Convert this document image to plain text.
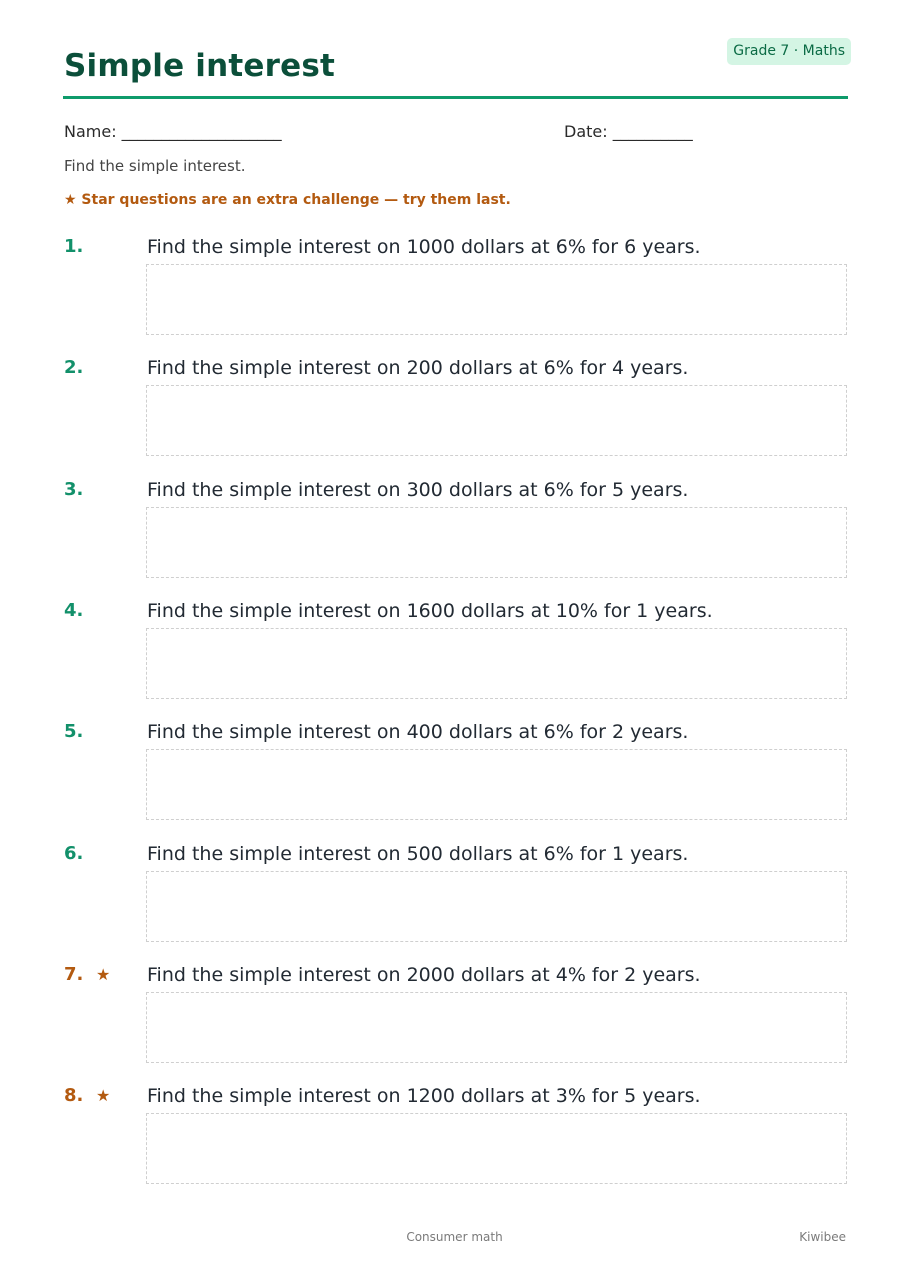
Simple interest	Grade 7 · Maths
Name: ____________________	Date: __________
Find the simple interest.
★ Star questions are an extra challenge — try them last.
1.	Find the simple interest on 1000 dollars at 6% for 6 years.
2.	Find the simple interest on 200 dollars at 6% for 4 years.
3.	Find the simple interest on 300 dollars at 6% for 5 years.
4.	Find the simple interest on 1600 dollars at 10% for 1 years.
5.	Find the simple interest on 400 dollars at 6% for 2 years.
6.	Find the simple interest on 500 dollars at 6% for 1 years.
7. ★ Find the simple interest on 2000 dollars at 4% for 2 years.
8. ★ Find the simple interest on 1200 dollars at 3% for 5 years.
Consumer math	Kiwibee
